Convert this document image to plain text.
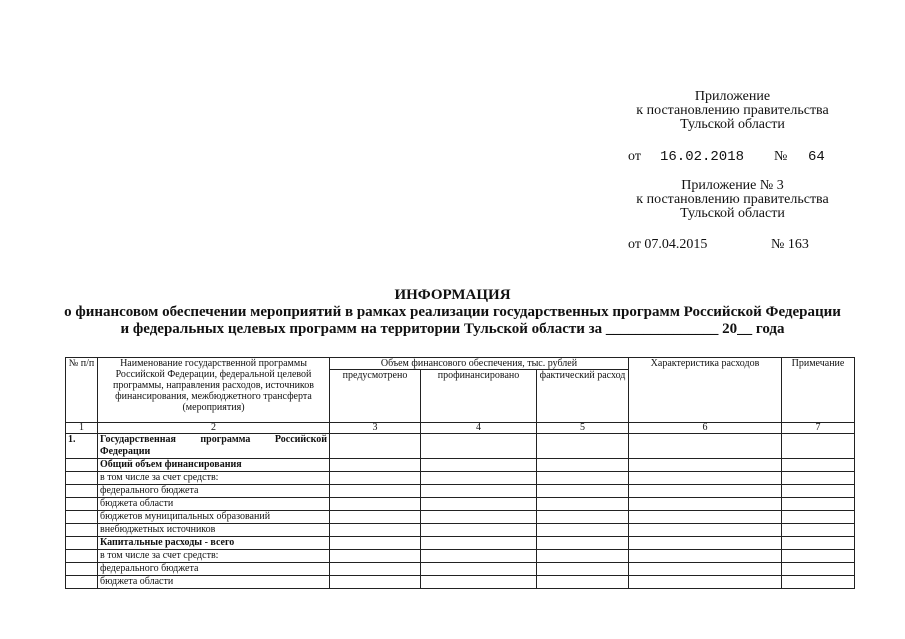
Приложение
к постановлению правительства
Тульской области
от 16.02.2018 № 64
Приложение № 3
к постановлению правительства
Тульской области
от 07.04.2015	№ 163
ИНФОРМАЦИЯ
о финансовом обеспечении мероприятий в рамках реализации государственных программ Российской Федерации
и федеральных целевых программ на территории Тульской области за _______________ 20__ года
№ п/п	Наименование государственной программы Российской Федерации, федеральной целевой программы, направления расходов, источников финансирования, межбюджетного трансферта (мероприятия)	Объем финансового обеспечения, тыс. рублей			Характеристика расходов	Примечание
		предусмотрено	профинансировано	фактический расход		
1	2	3	4	5	6	7
1.	Государственная программа Российской Федерации					
	Общий объем финансирования					
	в том числе за счет средств:					
	федерального бюджета					
	бюджета области					
	бюджетов муниципальных образований					
	внебюджетных источников					
	Капитальные расходы - всего					
	в том числе за счет средств:					
	федерального бюджета					
	бюджета области					
